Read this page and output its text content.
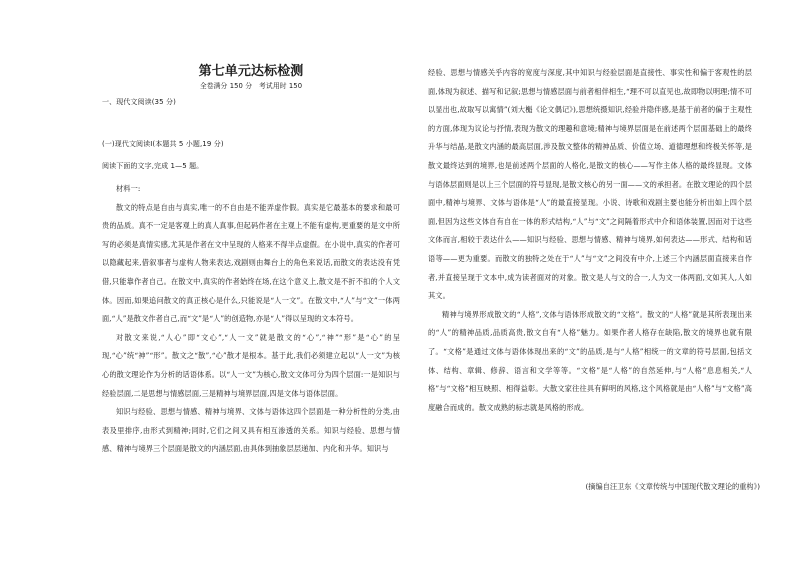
第七单元达标检测

全卷满分 150 分　考试用时 150

一、现代文阅读(35 分)

(一)现代文阅读Ⅰ(本题共 5 小题,19 分)

阅读下面的文字,完成 1—5 题。

材料一:

散文的特点是自由与真实,唯一的不自由是不能弄虚作假。真实是它最基本的要求和最可贵的品质。真不一定是客观上的真人真事,但起码作者在主观上不能有虚构,更重要的是文中所写的必须是真情实感,尤其是作者在文中呈现的人格来不得半点虚假。在小说中,真实的作者可以隐藏起来,借叙事者与虚构人物来表达,戏剧则由舞台上的角色来说话,而散文的表达没有凭借,只能靠作者自己。在散文中,真实的作者始终在场,在这个意义上,散文是不折不扣的个人文体。因而,如果追问散文的真正核心是什么,只能说是“人一文”。在散文中,“人”与“文”一体两面,“人”是散文作者自己,而“文”是“人”的创造物,亦是“人”得以呈现的文本符号。

对散文来说,“人心”即“文心”,“人一文”就是散文的“心”,“神”“形”是“心”的呈现,“心”统“神”“形”。散文之“散”,“心”散才是根本。基于此,我们必须建立起以“人一文”为核心的散文理论作为分析的话语体系。以“人一文”为核心,散文文体可分为四个层面:一是知识与经验层面,二是思想与情感层面,三是精神与境界层面,四是文体与语体层面。

知识与经验、思想与情感、精神与境界、文体与语体这四个层面是一种分析性的分类,由表及里排序,由形式到精神;同时,它们之间又具有相互渗透的关系。知识与经验、思想与情感、精神与境界三个层面是散文的内涵层面,由具体到抽象层层递加、内化和升华。知识与

经验、思想与情感关乎内容的宽度与深度,其中知识与经验层面是直接性、事实性和偏于客观性的层面,体现为叙述、描写和记叙;思想与情感层面与前者相伴相生,“理不可以直见也,故即物以明理;情不可以显出也,故取写以寓情”(刘大櫆《论文偶记》),思想统摄知识,经验并隐伴感,是基于前者的偏于主观性的方面,体现为议论与抒情,表现为散文的理趣和意境;精神与境界层面是在前述两个层面基础上的最终升华与结晶,是散文内涵的最高层面,涉及散文整体的精神品质、价值立场、道德理想和终极关怀等,是散文最终达到的境界,也是前述两个层面的人格化,是散文的核心——写作主体人格的最终显现。文体与语体层面则是以上三个层面的符号显现,是散文核心的另一面——文的承担者。在散文理论的四个层面中,精神与境界、文体与语体是“人”的最直接显现。小说、诗歌和戏剧主要也能分析出如上四个层面,但因为这些文体自有自在一体的形式结构,“人”与“文”之间隔着形式中介和语体装置,因而对于这些文体而言,相较于表达什么——知识与经验、思想与情感、精神与境界,如何表达——形式、结构和话语等——更为重要。而散文的独特之处在于“人”与“文”之间没有中介,上述三个内涵层面直接来自作者,并直接呈现于文本中,成为读者面对的对象。散文是人与文的合一,人为文一体两面,文如其人,人如其文。

精神与境界形成散文的“人格”,文体与语体形成散文的“文格”。散文的“人格”就是其所表现出来的“人”的精神品质,品质高贵,散文自有“人格”魅力。如果作者人格存在缺陷,散文的境界也就有限了。“文格”是通过文体与语体体现出来的“文”的品质,是与“人格”相统一的文章的符号层面,包括文体、结构、章辑、修辞、语言和文学等等。“文格”是“人格”的自然延伸,与“人格”息息相关,“人格”与“文格”相互映照、相得益彰。大散文家往往具有鲜明的风格,这个风格就是由“人格”与“文格”高度融合而成的。散文成熟的标志就是风格的形成。

(摘编自汪卫东《文章传统与中国现代散文理论的重构》)
